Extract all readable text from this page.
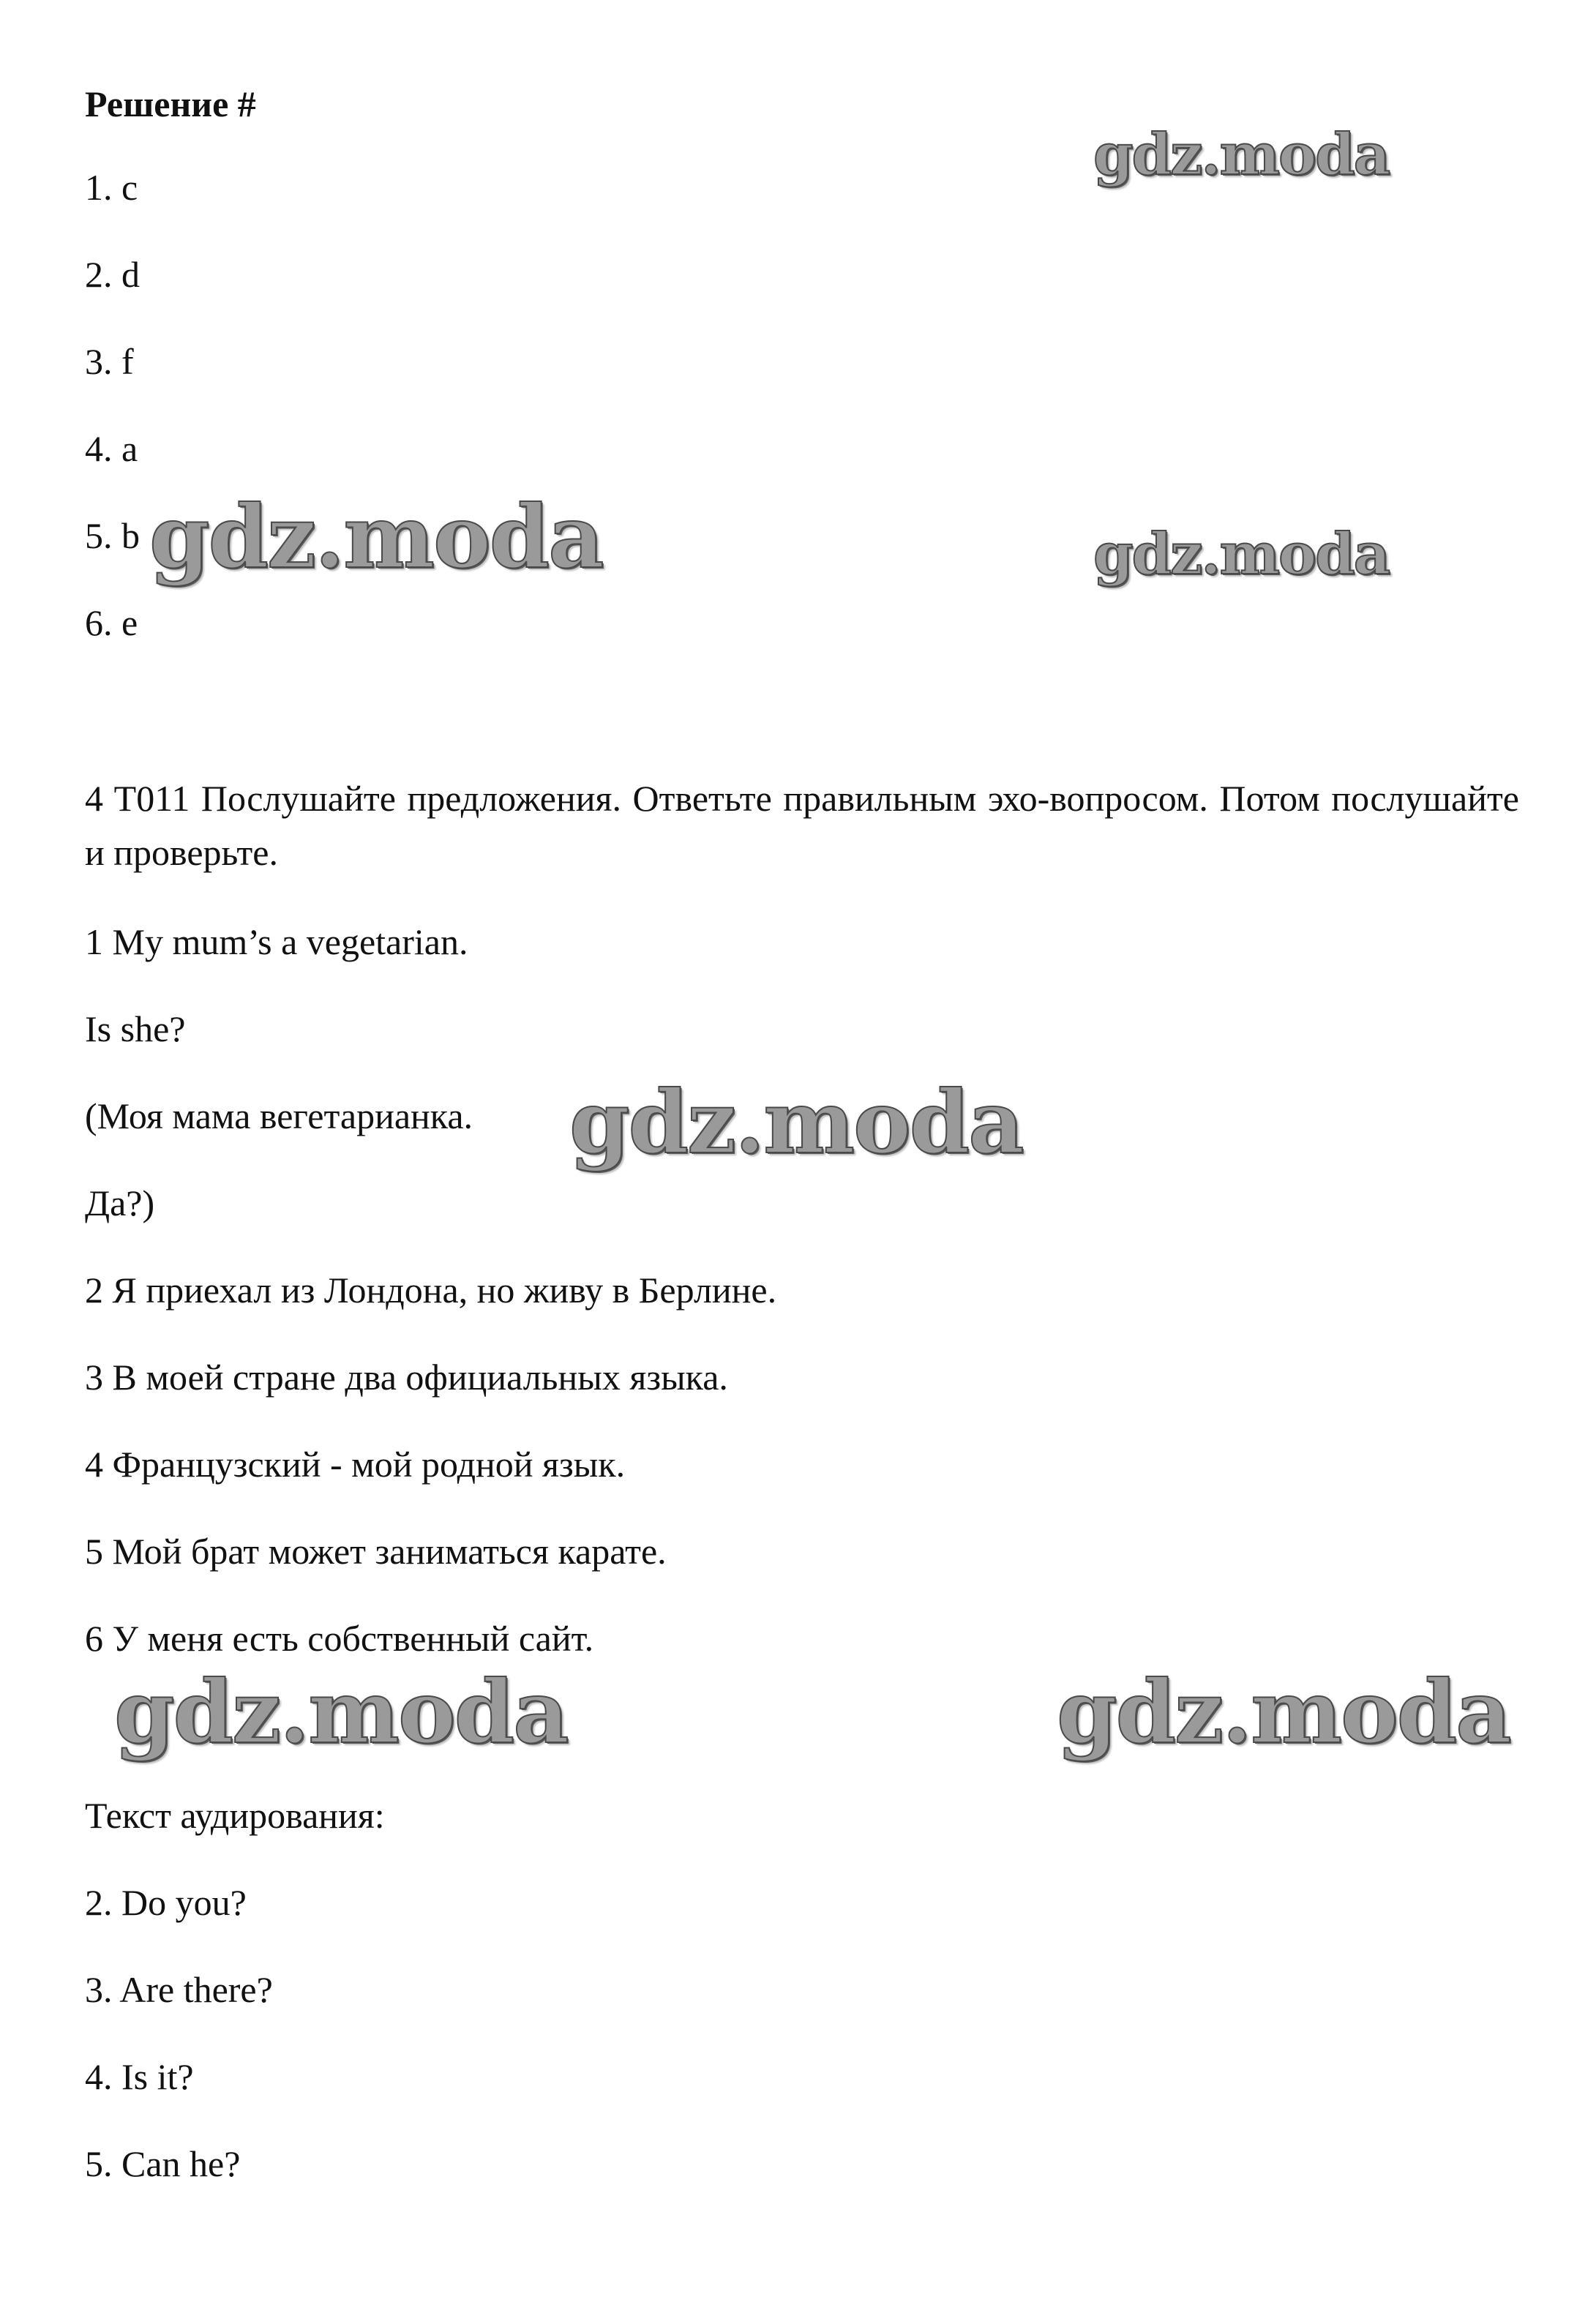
Решение #
1. c
2. d
3. f
4. a
5. b
6. e
4 T011 Послушайте предложения. Ответьте правильным эхо-вопросом. Потом послушайте и проверьте.
1 My mum’s a vegetarian.
Is she?
(Моя мама вегетарианка.
Да?)
2 Я приехал из Лондона, но живу в Берлине.
3 В моей стране два официальных языка.
4 Французский - мой родной язык.
5 Мой брат может заниматься карате.
6 У меня есть собственный сайт.
Текст аудирования:
2. Do you?
3. Are there?
4. Is it?
5. Can he?
gdz.moda
gdz.moda	gdz.moda
gdz.moda
gdz.moda	gdz.moda
